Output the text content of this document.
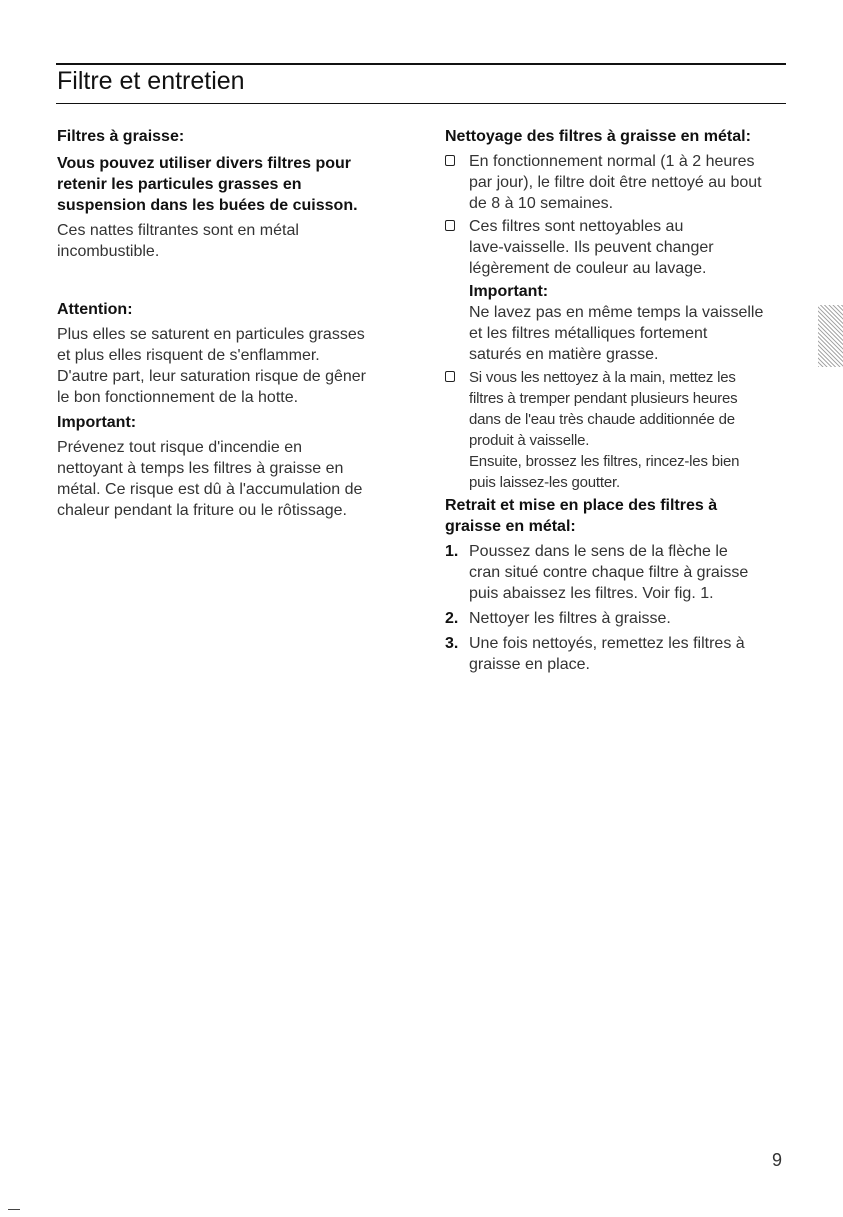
Filtre et entretien

Filtres à graisse:

Vous pouvez utiliser divers filtres pour

retenir les particules grasses en

suspension dans les buées de cuisson.

Ces nattes filtrantes sont en métal

incombustible.

Attention:

Plus elles se saturent en particules grasses

et plus elles risquent de s'enflammer.

D'autre part, leur saturation risque de gêner

le bon fonctionnement de la hotte.

Important:

Prévenez tout risque d'incendie en

nettoyant à temps les filtres à graisse en

métal. Ce risque est dû à l'accumulation de

chaleur pendant la friture ou le rôtissage.

Nettoyage des filtres à graisse en métal:

En fonctionnement normal (1 à 2 heures

par jour), le filtre doit être nettoyé au bout

de 8 à 10 semaines.

Ces filtres sont nettoyables au

lave-vaisselle. Ils peuvent changer

légèrement de couleur au lavage.

Important:

Ne lavez pas en même temps la vaisselle

et les filtres métalliques fortement

saturés en matière grasse.

Si vous les nettoyez à la main, mettez les

filtres à tremper pendant plusieurs heures

dans de l'eau très chaude additionnée de

produit à vaisselle.

Ensuite, brossez les filtres, rincez-les bien

puis laissez-les goutter.

Retrait et mise en place des filtres à

graisse en métal:

1. Poussez dans le sens de la flèche le

cran situé contre chaque filtre à graisse

puis abaissez les filtres. Voir fig. 1.

2. Nettoyer les filtres à graisse.

3. Une fois nettoyés, remettez les filtres à

graisse en place.

9
